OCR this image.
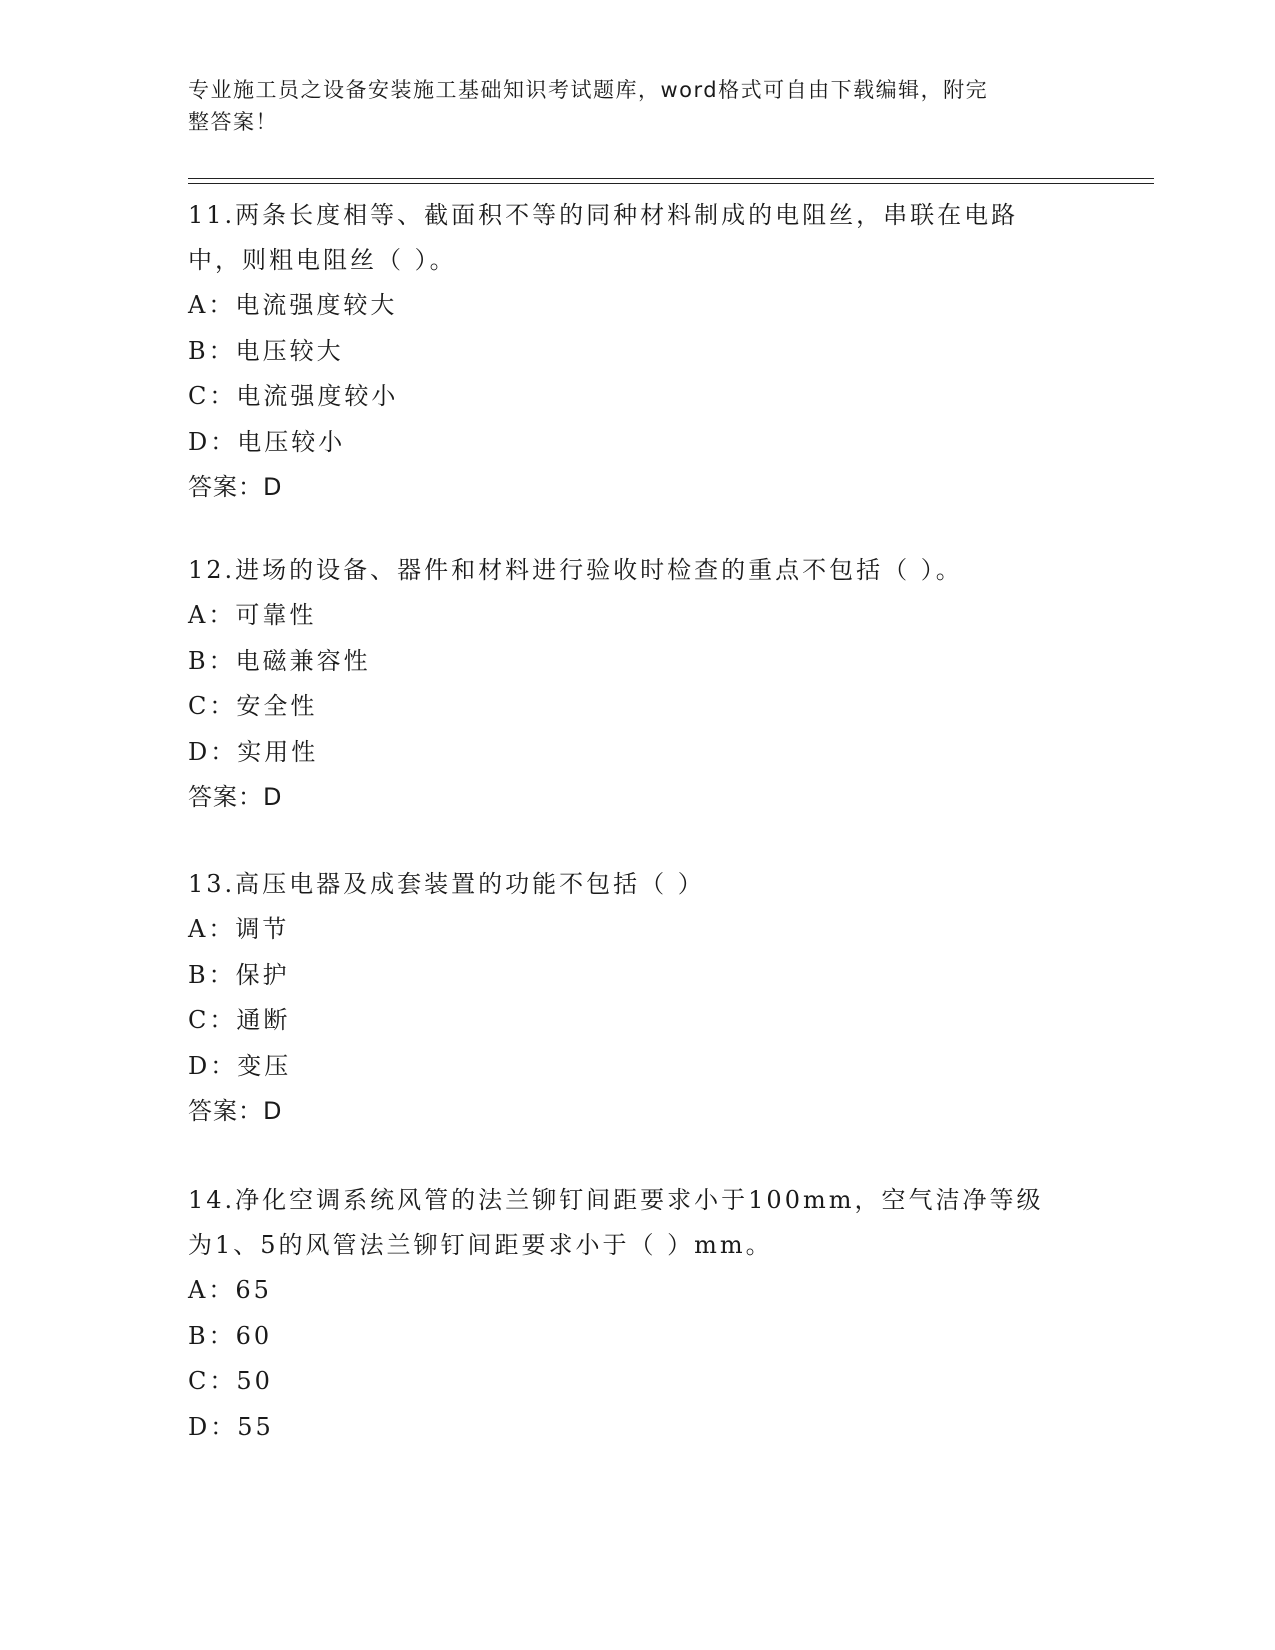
专业施工员之设备安装施工基础知识考试题库，word格式可自由下载编辑，附完
整答案！

11.两条长度相等、截面积不等的同种材料制成的电阻丝，串联在电路

中，则粗电阻丝（ ）。

A：电流强度较大

B：电压较大

C：电流强度较小

D：电压较小

答案：D

12.进场的设备、器件和材料进行验收时检查的重点不包括（ ）。

A：可靠性

B：电磁兼容性

C：安全性

D：实用性

答案：D

13.高压电器及成套装置的功能不包括（ ）

A：调节

B：保护

C：通断

D：变压

答案：D

14.净化空调系统风管的法兰铆钉间距要求小于100mm，空气洁净等级

为1、5的风管法兰铆钉间距要求小于（ ）mm。

A：65

B：60

C：50

D：55
